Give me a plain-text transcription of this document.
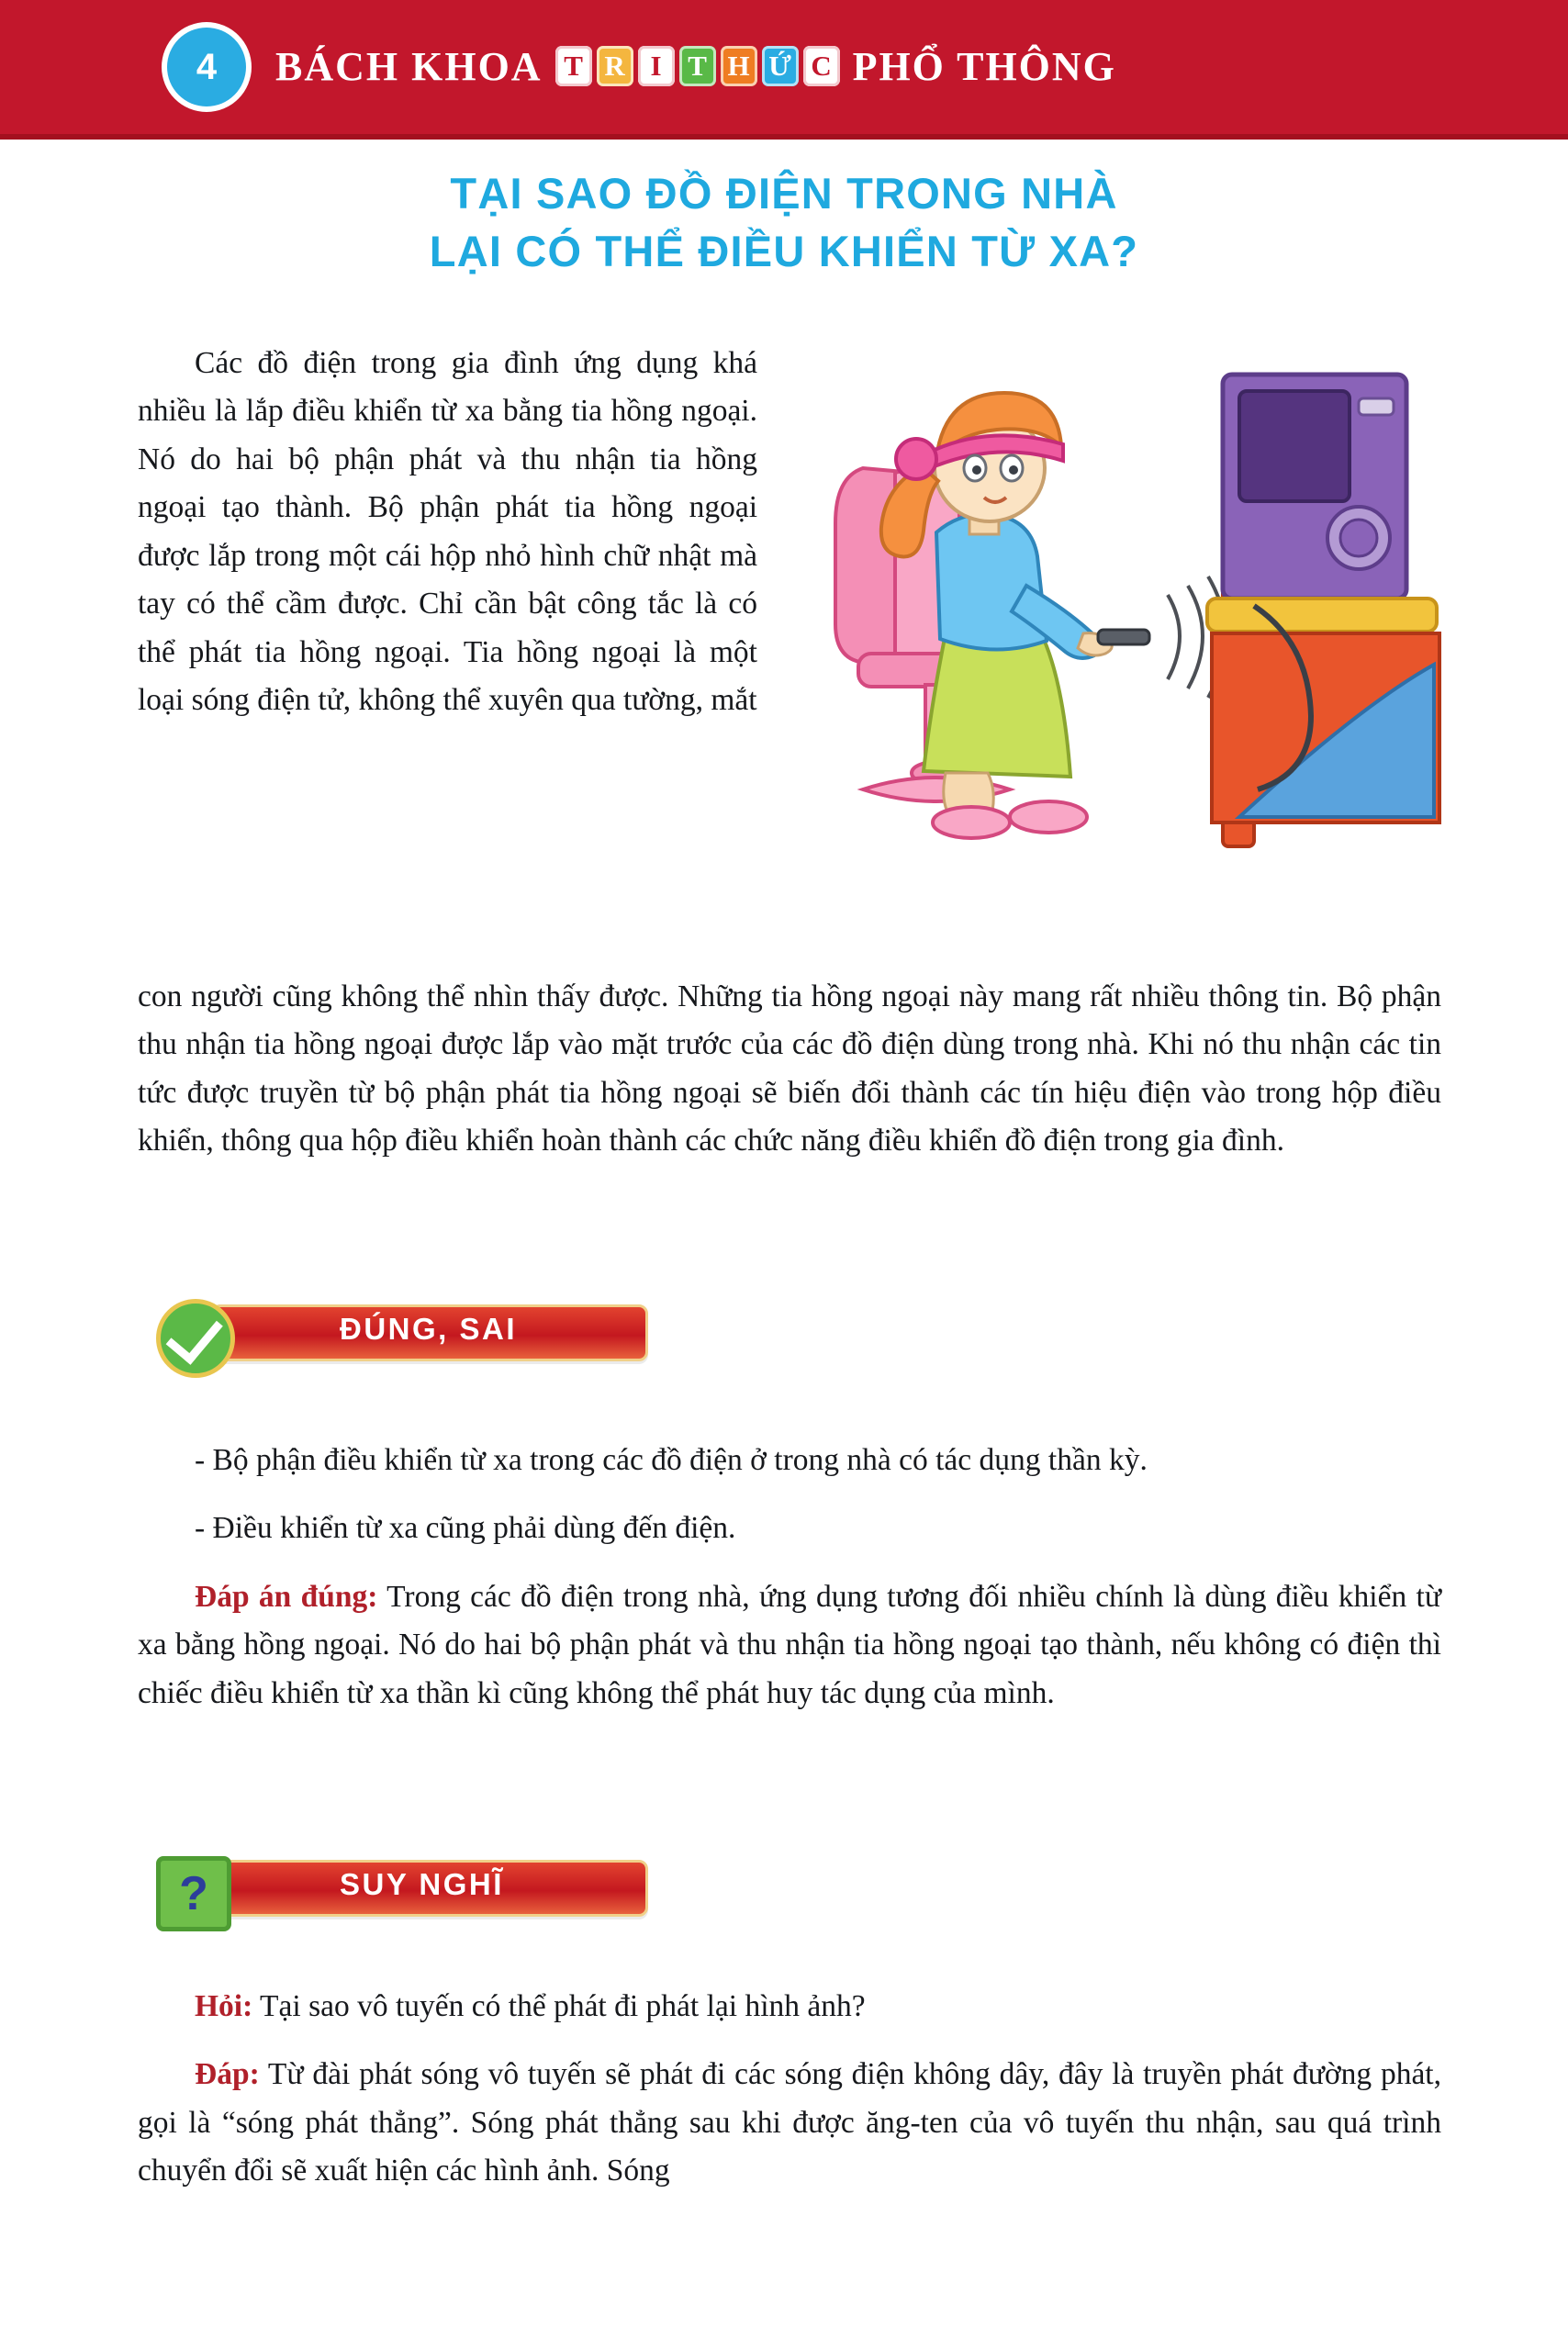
4	BÁCH KHOA T R I T H Ứ C PHỔ THÔNG
TẠI SAO ĐỒ ĐIỆN TRONG NHÀ
LẠI CÓ THỂ ĐIỀU KHIỂN TỪ XA?
Các đồ điện trong gia đình ứng dụng khá nhiều là lắp điều khiển từ xa bằng tia hồng ngoại. Nó do hai bộ phận phát và thu nhận tia hồng ngoại tạo thành. Bộ phận phát tia hồng ngoại được lắp trong một cái hộp nhỏ hình chữ nhật mà tay có thể cầm được. Chỉ cần bật công tắc là có thể phát tia hồng ngoại. Tia hồng ngoại là một loại sóng điện tử, không thể xuyên qua tường, mắt
con người cũng không thể nhìn thấy được. Những tia hồng ngoại này mang rất nhiều thông tin. Bộ phận thu nhận tia hồng ngoại được lắp vào mặt trước của các đồ điện dùng trong nhà. Khi nó thu nhận các tin tức được truyền từ bộ phận phát tia hồng ngoại sẽ biến đổi thành các tín hiệu điện vào trong hộp điều khiển, thông qua hộp điều khiển hoàn thành các chức năng điều khiển đồ điện trong gia đình.
ĐÚNG, SAI

- Bộ phận điều khiển từ xa trong các đồ điện ở trong nhà có tác dụng thần kỳ.

- Điều khiển từ xa cũng phải dùng đến điện.

Đáp án đúng: Trong các đồ điện trong nhà, ứng dụng tương đối nhiều chính là dùng điều khiển từ xa bằng hồng ngoại. Nó do hai bộ phận phát và thu nhận tia hồng ngoại tạo thành, nếu không có điện thì chiếc điều khiển từ xa thần kì cũng không thể phát huy tác dụng của mình.

SUY NGHĨ
?

Hỏi: Tại sao vô tuyến có thể phát đi phát lại hình ảnh?

Đáp: Từ đài phát sóng vô tuyến sẽ phát đi các sóng điện không dây, đây là truyền phát đường phát, gọi là “sóng phát thẳng”. Sóng phát thẳng sau khi được ăng-ten của vô tuyến thu nhận, sau quá trình chuyển đổi sẽ xuất hiện các hình ảnh. Sóng
